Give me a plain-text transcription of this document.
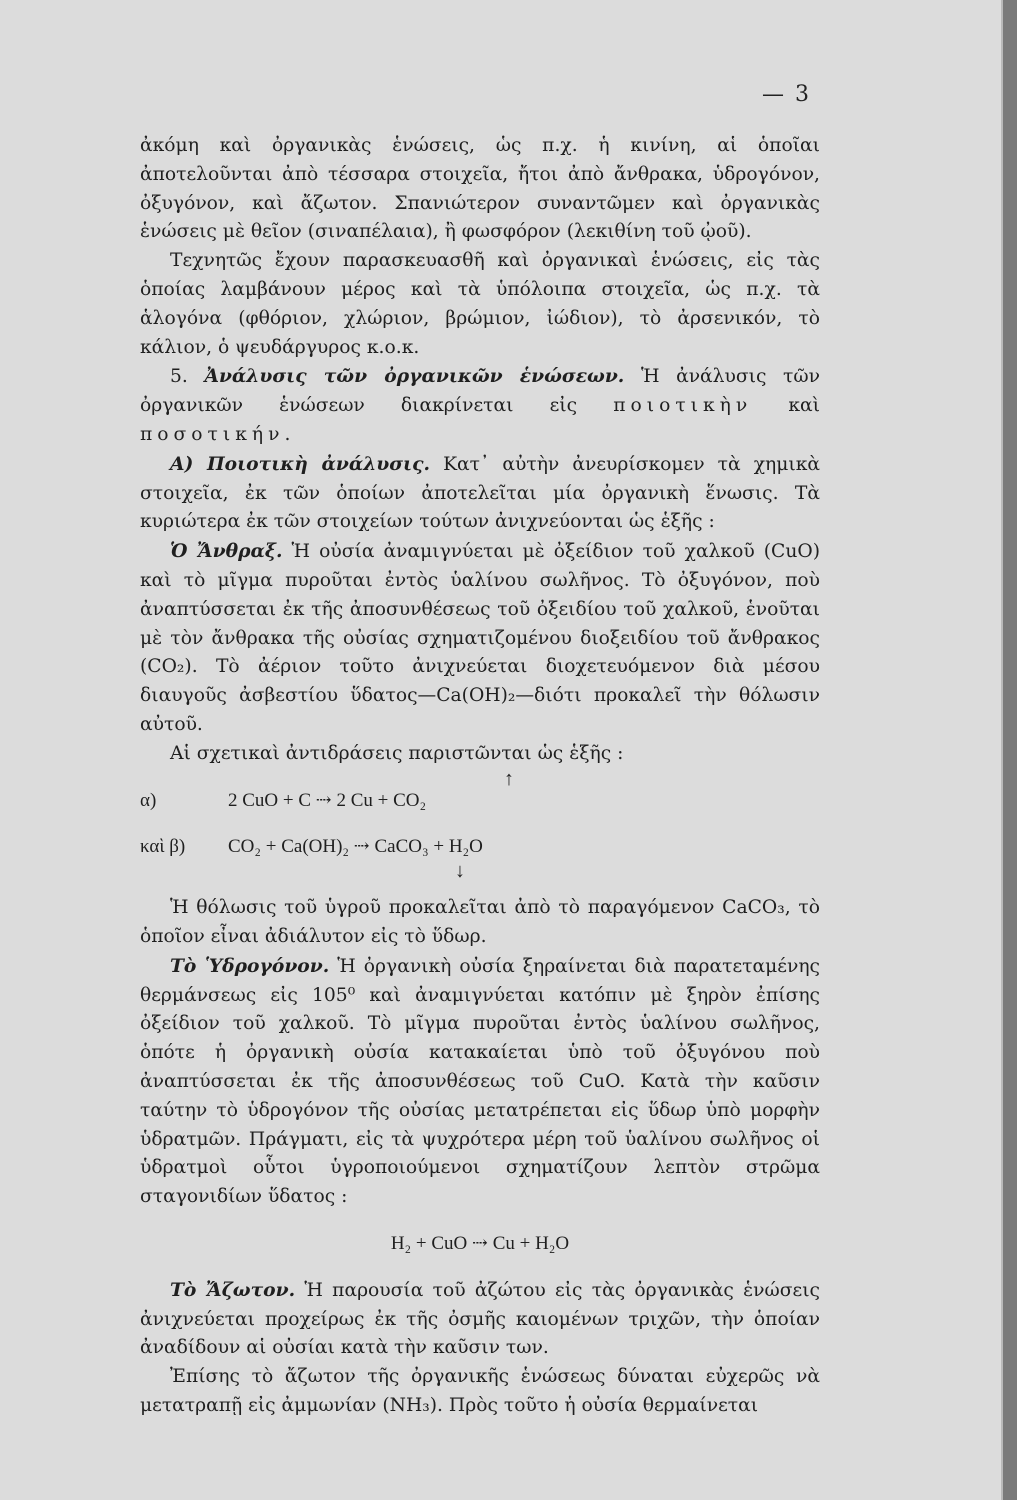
— 3

ἀκόμη καὶ ὀργανικὰς ἑνώσεις, ὡς π.χ. ἡ κινίνη, αἱ ὁποῖαι ἀποτελοῦνται ἀπὸ τέσσαρα στοιχεῖα, ἤτοι ἀπὸ ἄνθρακα, ὑδρογόνον, ὀξυγόνον, καὶ ἄζωτον. Σπανιώτερον συναντῶμεν καὶ ὀργανικὰς ἑνώσεις μὲ θεῖον (σιναπέλαια), ἢ φωσφόρον (λεκιθίνη τοῦ ᾠοῦ).

Τεχνητῶς ἔχουν παρασκευασθῆ καὶ ὀργανικαὶ ἑνώσεις, εἰς τὰς ὁποίας λαμβάνουν μέρος καὶ τὰ ὑπόλοιπα στοιχεῖα, ὡς π.χ. τὰ ἁλογόνα (φθόριον, χλώριον, βρώμιον, ἰώδιον), τὸ ἀρσενικόν, τὸ κάλιον, ὁ ψευδάργυρος κ.ο.κ.

5. Ἀνάλυσις τῶν ὀργανικῶν ἑνώσεων. Ἡ ἀνάλυσις τῶν ὀργανικῶν ἑνώσεων διακρίνεται εἰς ποιοτικὴν καὶ ποσοτικήν.

Α) Ποιοτικὴ ἀνάλυσις. Κατ᾽ αὐτὴν ἀνευρίσκομεν τὰ χημικὰ στοιχεῖα, ἐκ τῶν ὁποίων ἀποτελεῖται μία ὀργανικὴ ἕνωσις. Τὰ κυριώτερα ἐκ τῶν στοιχείων τούτων ἀνιχνεύονται ὡς ἑξῆς :

Ὁ Ἄνθραξ. Ἡ οὐσία ἀναμιγνύεται μὲ ὀξείδιον τοῦ χαλκοῦ (CuO) καὶ τὸ μῖγμα πυροῦται ἐντὸς ὑαλίνου σωλῆνος. Τὸ ὀξυγόνον, ποὺ ἀναπτύσσεται ἐκ τῆς ἀποσυνθέσεως τοῦ ὀξειδίου τοῦ χαλκοῦ, ἑνοῦται μὲ τὸν ἄνθρακα τῆς οὐσίας σχηματιζομένου διοξειδίου τοῦ ἄνθρακος (CO₂). Τὸ ἀέριον τοῦτο ἀνιχνεύεται διοχετευόμενον διὰ μέσου διαυγοῦς ἀσβεστίου ὕδατος—Ca(OH)₂—διότι προκαλεῖ τὴν θόλωσιν αὐτοῦ.

Αἱ σχετικαὶ ἀντιδράσεις παριστῶνται ὡς ἑξῆς :

↑
α)	2 CuO + C ⇢ 2 Cu + CO₂
καὶ β) CO₂ + Ca(OH)₂ ⇢ CaCO₃ + H₂O
↓

Ἡ θόλωσις τοῦ ὑγροῦ προκαλεῖται ἀπὸ τὸ παραγόμενον CaCO₃, τὸ ὁποῖον εἶναι ἀδιάλυτον εἰς τὸ ὕδωρ.

Τὸ Ὑδρογόνον. Ἡ ὀργανικὴ οὐσία ξηραίνεται διὰ παρατεταμένης θερμάνσεως εἰς 105⁰ καὶ ἀναμιγνύεται κατόπιν μὲ ξηρὸν ἐπίσης ὀξείδιον τοῦ χαλκοῦ. Τὸ μῖγμα πυροῦται ἐντὸς ὑαλίνου σωλῆνος, ὁπότε ἡ ὀργανικὴ οὐσία κατακαίεται ὑπὸ τοῦ ὀξυγόνου ποὺ ἀναπτύσσεται ἐκ τῆς ἀποσυνθέσεως τοῦ CuO. Κατὰ τὴν καῦσιν ταύτην τὸ ὑδρογόνον τῆς οὐσίας μετατρέπεται εἰς ὕδωρ ὑπὸ μορφὴν ὑδρατμῶν. Πράγματι, εἰς τὰ ψυχρότερα μέρη τοῦ ὑαλίνου σωλῆνος οἱ ὑδρατμοὶ οὗτοι ὑγροποιούμενοι σχηματίζουν λεπτὸν στρῶμα σταγονιδίων ὕδατος :

H₂ + CuO ⇢ Cu + H₂O

Τὸ Ἄζωτον. Ἡ παρουσία τοῦ ἀζώτου εἰς τὰς ὀργανικὰς ἑνώσεις ἀνιχνεύεται προχείρως ἐκ τῆς ὀσμῆς καιομένων τριχῶν, τὴν ὁποίαν ἀναδίδουν αἱ οὐσίαι κατὰ τὴν καῦσιν των.

Ἐπίσης τὸ ἄζωτον τῆς ὀργανικῆς ἑνώσεως δύναται εὐχερῶς νὰ μετατραπῇ εἰς ἀμμωνίαν (NH₃). Πρὸς τοῦτο ἡ οὐσία θερμαίνεται
